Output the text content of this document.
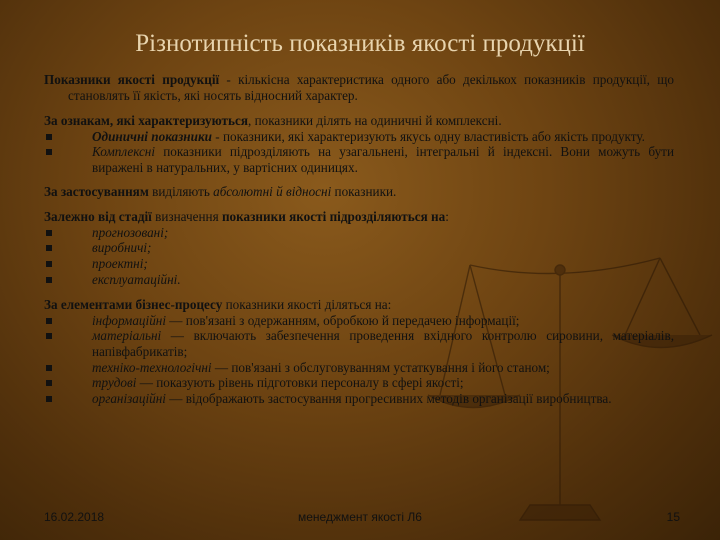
Різнотипність показників якості продукції

Показники якості продукції - кількісна характеристика одного або декількох показників продукції, що становлять її якість, які носять відносний характер.

За ознакам, які характеризуються, показники ділять на одиничні й комплексні.

Одиничні показники - показники, які характеризують якусь одну властивість або якість продукту.
Комплексні показники підрозділяють на узагальнені, інтегральні й індексні. Вони можуть бути виражені в натуральних, у вартісних одиницях.

За застосуванням виділяють абсолютні й відносні показники.

Залежно від стадії визначення показники якості підрозділяються на:

прогнозовані;
виробничі;
проектні;
експлуатаційні.

За елементами бізнес-процесу показники якості діляться на:

інформаційні — пов'язані з одержанням, обробкою й передачею інформації;
матеріальні — включають забезпечення проведення вхідного контролю сировини, матеріалів, напівфабрикатів;
техніко-технологічні — пов'язані з обслуговуванням устаткування і його станом;
трудові — показують рівень підготовки персоналу в сфері якості;
організаційні — відображають застосування прогресивних методів організації виробництва.
16.02.2018	менеджмент якості Л6	15
